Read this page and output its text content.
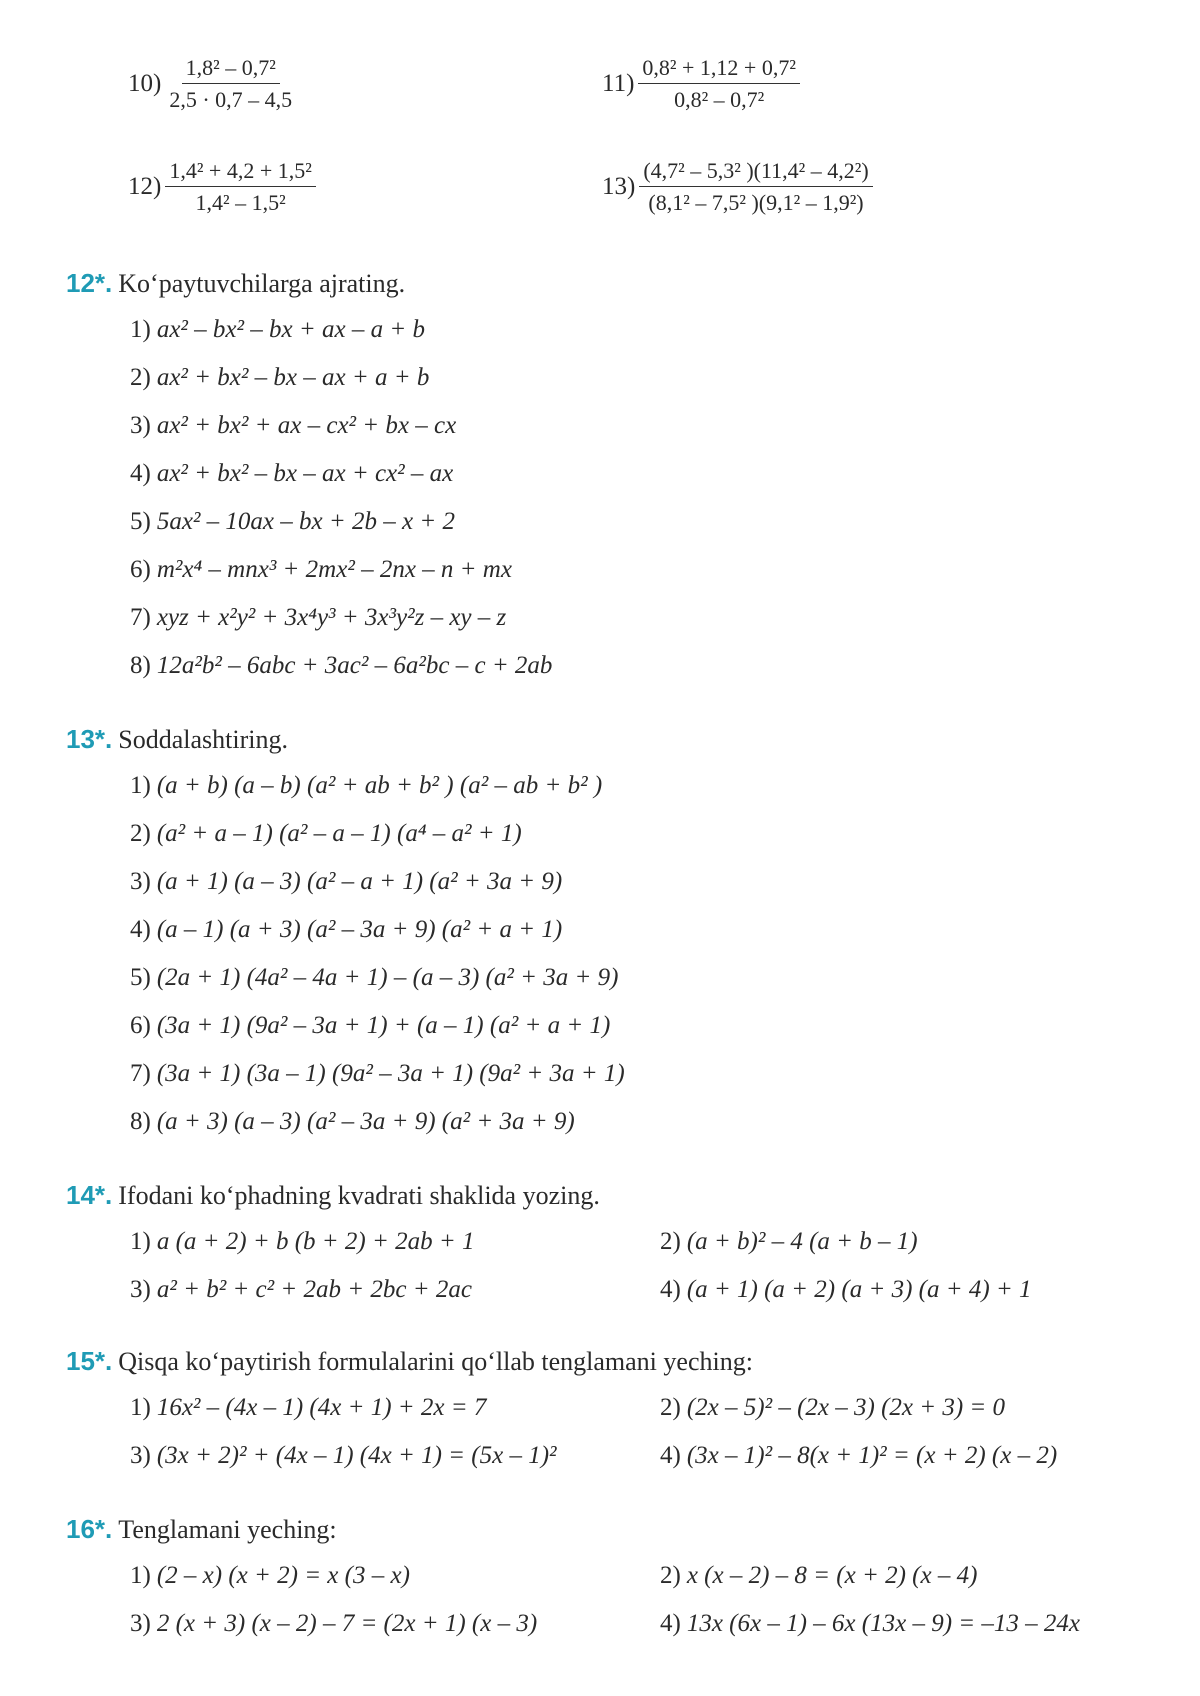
$10) \frac{\text{1,8² – 0,7²}}{2,5 \cdot 0,7 - 4,5}$	$11) \frac{\text{0,8² + 1,12 + 0,7²}}{\text{0,8² – 0,7²}}$
$12) \frac{\text{1,4² + 4,2 + 1,5²}}{\text{1,4² – 1,5²}}$	$13) \frac{\text{(4,7² – 5,3² )(11,4² – 4,2²)}}{\text{(8,1² – 7,5² )(9,1² – 1,9²)}}$
12*. Ko‘paytuvchilarga ajrating.
1) ax² – bx² – bx + ax – a + b
2) ax² + bx² – bx – ax + a + b
3) ax² + bx² + ax – cx² + bx – cx
4) ax² + bx² – bx – ax + cx² – ax
5) 5ax² – 10ax – bx + 2b – x + 2
6) m²x⁴ – mnx³ + 2mx² – 2nx – n + mx
7) xyz + x²y² + 3x⁴y³ + 3x³y²z – xy – z
8) 12a²b² – 6abc + 3ac² – 6a²bc – c + 2ab
13*. Soddalashtiring.
1) (a + b) (a – b) (a² + ab + b² ) (a² – ab + b² )
2) (a² + a – 1) (a² – a – 1) (a⁴ – a² + 1)
3) (a + 1) (a – 3) (a² – a + 1) (a² + 3a + 9)
4) (a – 1) (a + 3) (a² – 3a + 9) (a² + a + 1)
5) (2a + 1) (4a² – 4a + 1) – (a – 3) (a² + 3a + 9)
6) (3a + 1) (9a² – 3a + 1) + (a – 1) (a² + a + 1)
7) (3a + 1) (3a – 1) (9a² – 3a + 1) (9a² + 3a + 1)
8) (a + 3) (a – 3) (a² – 3a + 9) (a² + 3a + 9)
14*. Ifodani ko‘phadning kvadrati shaklida yozing.
1) a (a + 2) + b (b + 2) + 2ab + 1	2) (a + b)² – 4 (a + b – 1)
3) a² + b² + c² + 2ab + 2bc + 2ac	4) (a + 1) (a + 2) (a + 3) (a + 4) + 1
15*. Qisqa ko‘paytirish formulalarini qo‘llab tenglamani yeching:
1) 16x² – (4x – 1) (4x + 1) + 2x = 7	2) (2x – 5)² – (2x – 3) (2x + 3) = 0
3) (3x + 2)² + (4x – 1) (4x + 1) = (5x – 1)²	4) (3x – 1)² – 8(x + 1)² = (x + 2) (x – 2)
16*. Tenglamani yeching:
1) (2 – x) (x + 2) = x (3 – x)	2) x (x – 2) – 8 = (x + 2) (x – 4)
3) 2 (x + 3) (x – 2) – 7 = (2x + 1) (x – 3)	4) 13x (6x – 1) – 6x (13x – 9) = –13 – 24x
